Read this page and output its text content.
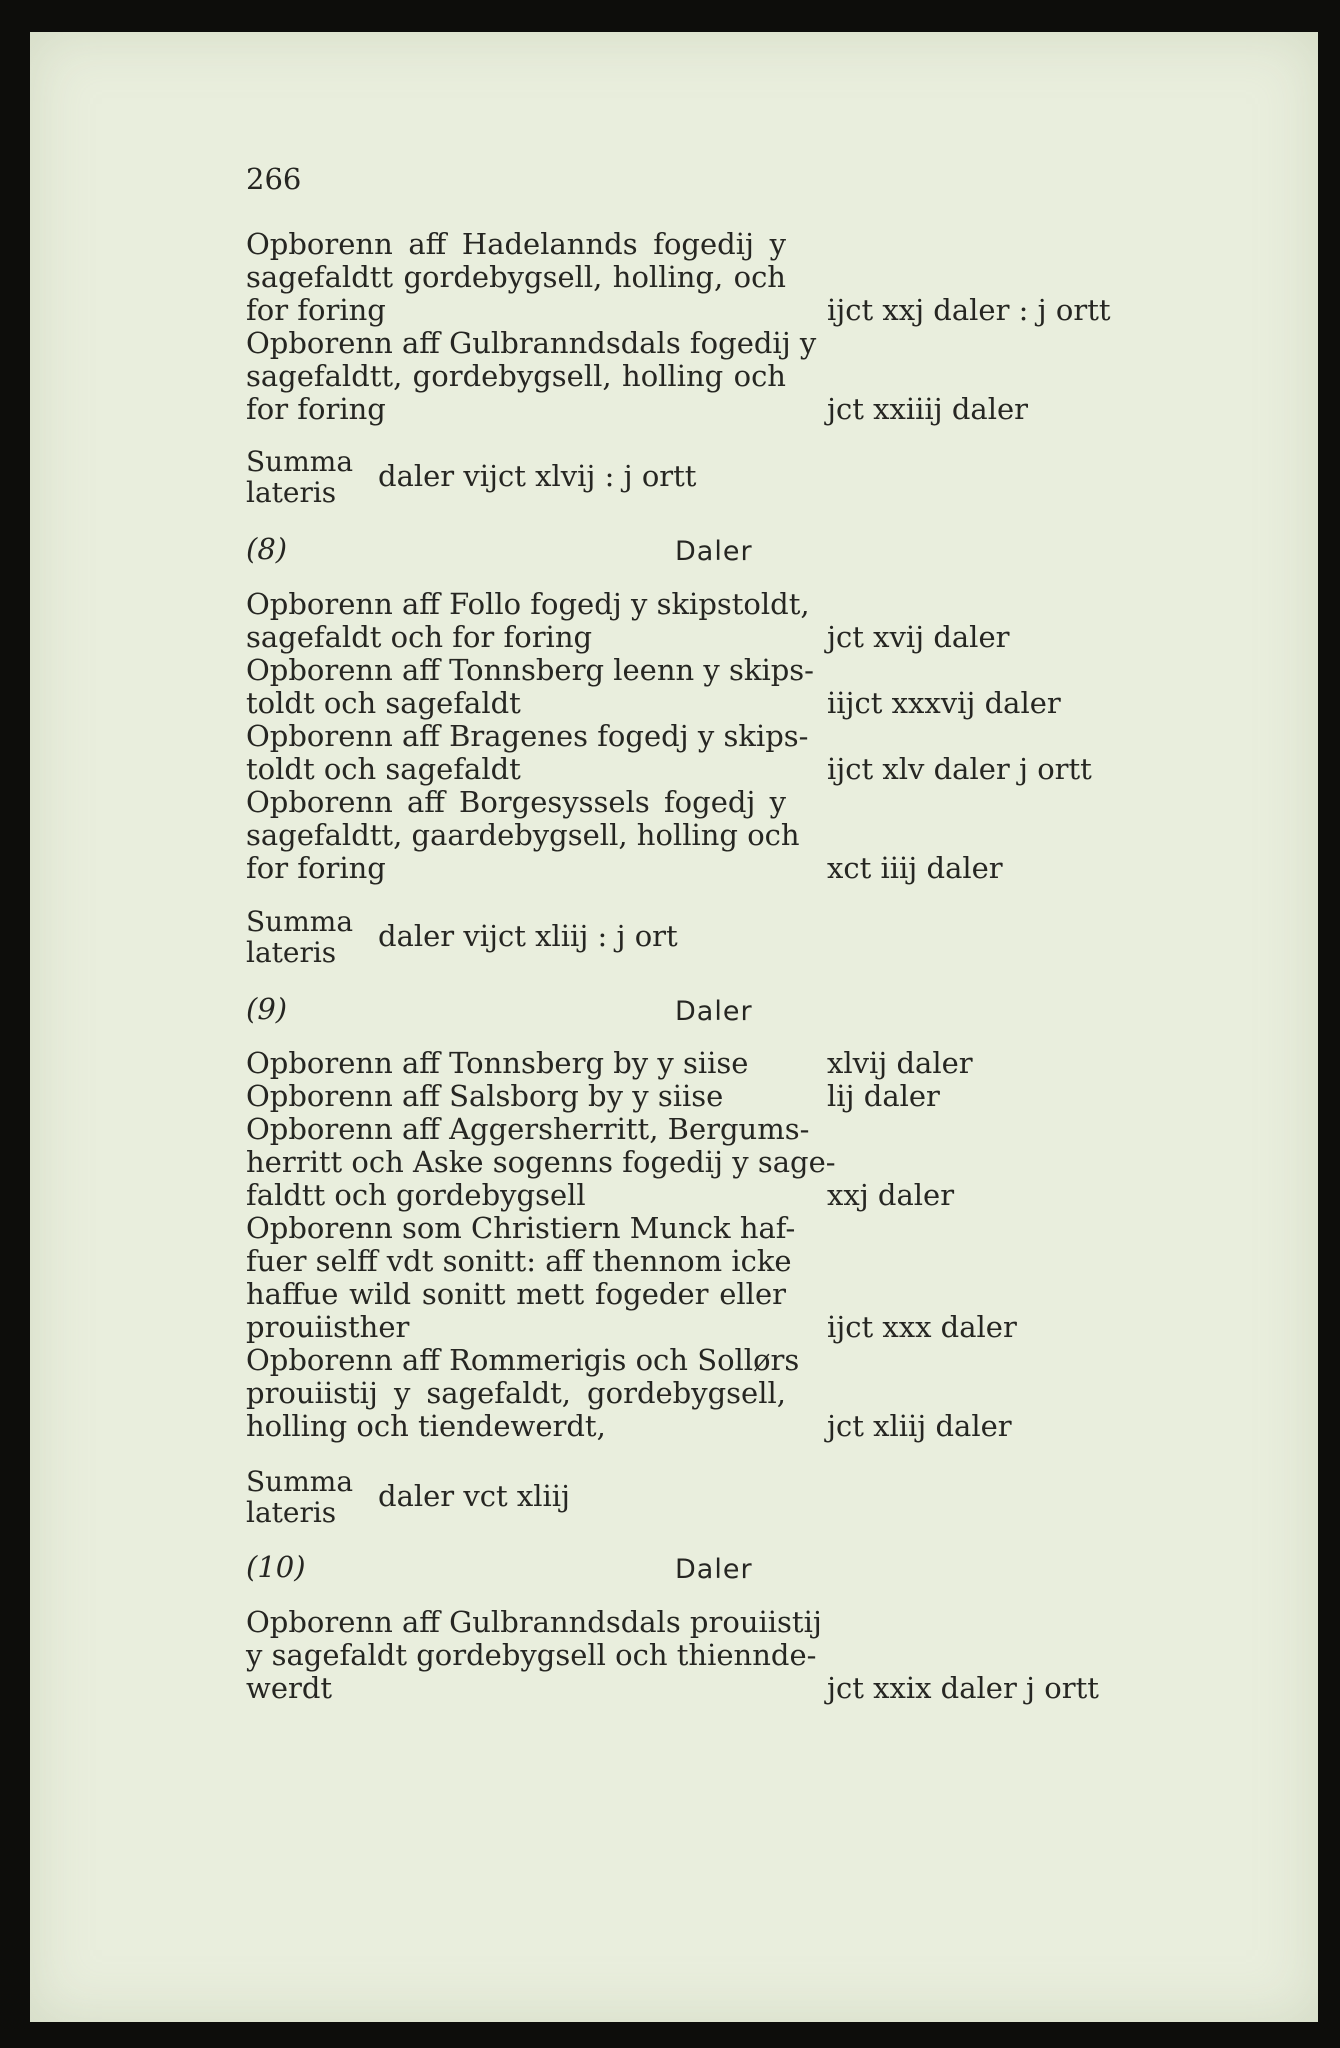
266
Opborenn aff Hadelannds fogedij y
sagefaldtt gordebygsell, holling, och
for foring	ijct xxj daler : j ortt
Opborenn aff Gulbranndsdals fogedij y
sagefaldtt, gordebygsell, holling och
for foring	jct xxiiij daler
Summa
lateris daler vijct xlvij : j ortt
(8)	Daler
Opborenn aff Follo fogedj y skipstoldt,
sagefaldt och for foring	jct xvij daler
Opborenn aff Tonnsberg leenn y skips-
toldt och sagefaldt	iijct xxxvij daler
Opborenn aff Bragenes fogedj y skips-
toldt och sagefaldt	ijct xlv daler j ortt
Opborenn aff Borgesyssels fogedj y
sagefaldtt, gaardebygsell, holling och
for foring	xct iiij daler
Summa
lateris daler vijct xliij : j ort
(9)	Daler
Opborenn aff Tonnsberg by y siise	xlvij daler
Opborenn aff Salsborg by y siise	lij daler
Opborenn aff Aggersherritt, Bergums-
herritt och Aske sogenns fogedij y sage-
faldtt och gordebygsell	xxj daler
Opborenn som Christiern Munck haf-
fuer selff vdt sonitt: aff thennom icke
haffue wild sonitt mett fogeder eller
prouiisther	ijct xxx daler
Opborenn aff Rommerigis och Sollørs
prouiistij y sagefaldt, gordebygsell,
holling och tiendewerdt,	jct xliij daler
Summa
lateris daler vct xliij
(10)	Daler
Opborenn aff Gulbranndsdals prouiistij
y sagefaldt gordebygsell och thiennde-
werdt	jct xxix daler j ortt
